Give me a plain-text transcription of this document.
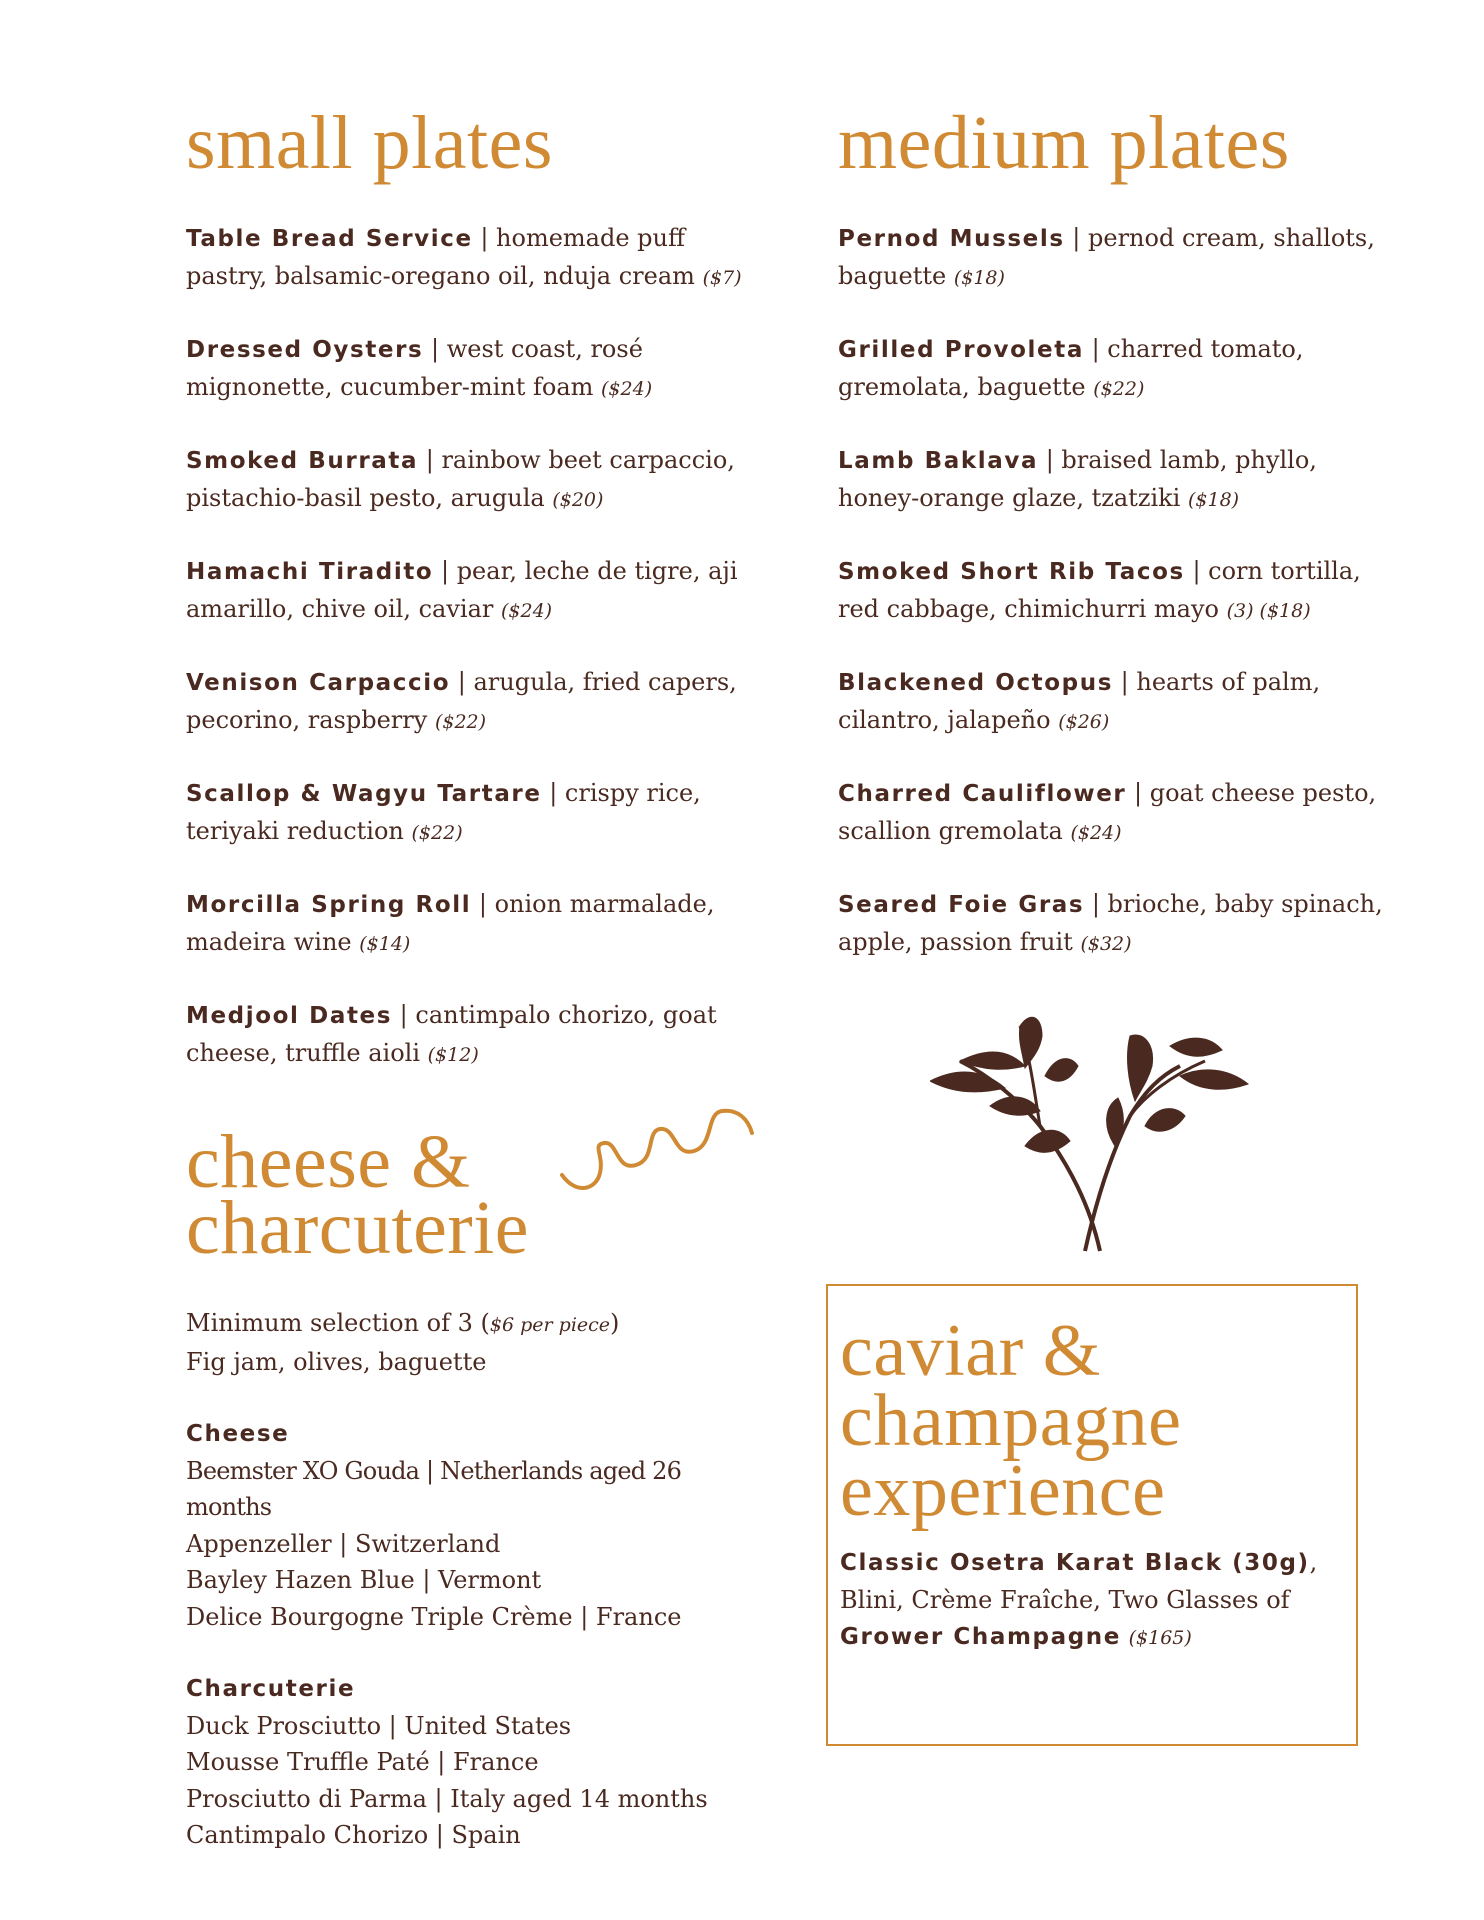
small plates
Table Bread Service | homemade puff pastry, balsamic-oregano oil, nduja cream ($7)
Dressed Oysters | west coast, rosé mignonette, cucumber-mint foam ($24)
Smoked Burrata | rainbow beet carpaccio, pistachio-basil pesto, arugula ($20)
Hamachi Tiradito | pear, leche de tigre, aji amarillo, chive oil, caviar ($24)
Venison Carpaccio | arugula, fried capers, pecorino, raspberry ($22)
Scallop & Wagyu Tartare | crispy rice, teriyaki reduction ($22)
Morcilla Spring Roll | onion marmalade, madeira wine ($14)
Medjool Dates | cantimpalo chorizo, goat cheese, truffle aioli ($12)
cheese &
charcuterie
Minimum selection of 3 ($6 per piece)
Fig jam, olives, baguette
Cheese
Beemster XO Gouda | Netherlands aged 26 months
Appenzeller | Switzerland
Bayley Hazen Blue | Vermont
Delice Bourgogne Triple Crème | France
Charcuterie
Duck Prosciutto | United States
Mousse Truffle Paté | France
Prosciutto di Parma | Italy aged 14 months
Cantimpalo Chorizo | Spain
medium plates
Pernod Mussels | pernod cream, shallots, baguette ($18)
Grilled Provoleta | charred tomato, gremolata, baguette ($22)
Lamb Baklava | braised lamb, phyllo, honey-orange glaze, tzatziki ($18)
Smoked Short Rib Tacos | corn tortilla, red cabbage, chimichurri mayo (3) ($18)
Blackened Octopus | hearts of palm, cilantro, jalapeño ($26)
Charred Cauliflower | goat cheese pesto, scallion gremolata ($24)
Seared Foie Gras | brioche, baby spinach, apple, passion fruit ($32)
caviar &
champagne
experience
Classic Osetra Karat Black (30g), Blini, Crème Fraîche, Two Glasses of Grower Champagne ($165)
